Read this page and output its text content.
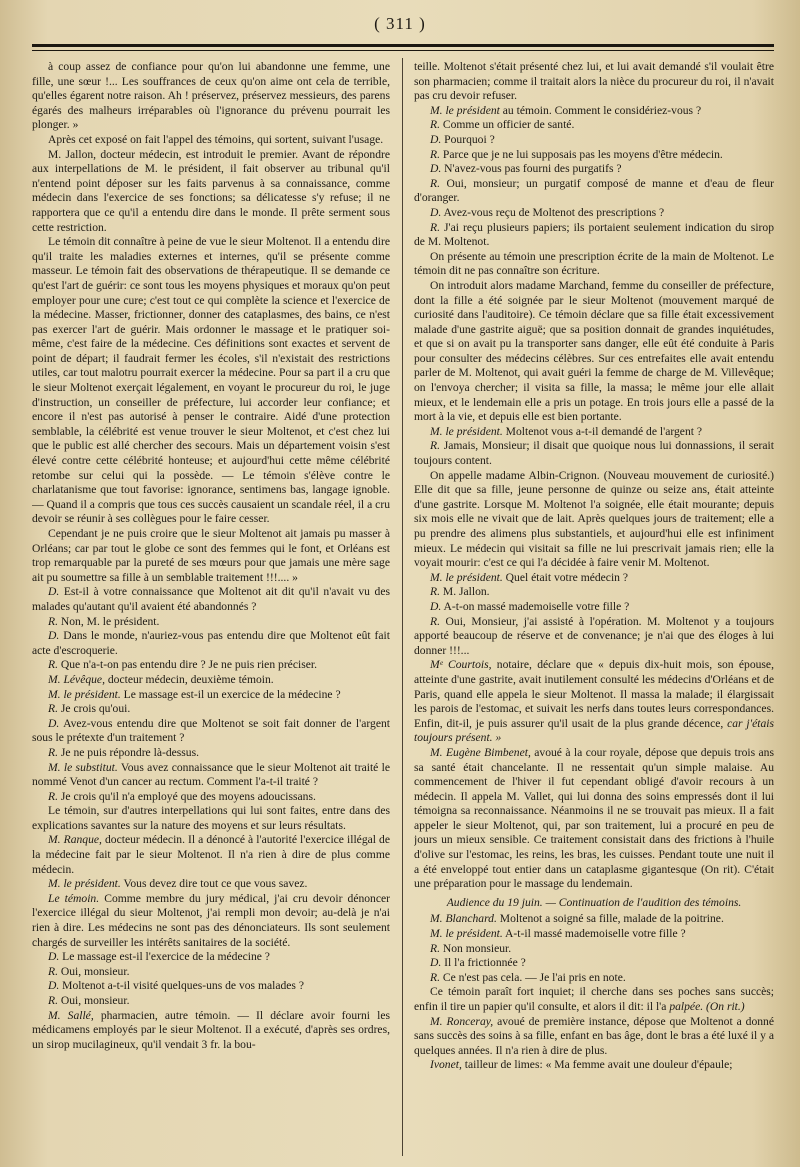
( 311 )

à coup assez de confiance pour qu'on lui abandonne une femme, une fille, une sœur !... Les souffrances de ceux qu'on aime ont cela de terrible, qu'elles égarent notre raison. Ah ! préservez, préservez messieurs, des parens égarés des malheurs irréparables où l'ignorance du prévenu pourrait les plonger. »

Après cet exposé on fait l'appel des témoins, qui sortent, suivant l'usage.

M. Jallon, docteur médecin, est introduit le premier. Avant de répondre aux interpellations de M. le président, il fait observer au tribunal qu'il n'entend point déposer sur les faits parvenus à sa connaissance, comme médecin dans l'exercice de ses fonctions; sa délicatesse s'y refuse; il ne rapportera que ce qu'il a entendu dire dans le monde. Il prête serment sous cette restriction.

Le témoin dit connaître à peine de vue le sieur Moltenot. Il a entendu dire qu'il traite les maladies externes et internes, qu'il se présente comme masseur. Le témoin fait des observations de thérapeutique. Il se demande ce qu'est l'art de guérir: ce sont tous les moyens physiques et moraux qu'on peut employer pour une cure; c'est tout ce qui complète la science et l'exercice de la médecine. Masser, frictionner, donner des cataplasmes, des bains, ce n'est pas exercer l'art de guérir. Mais ordonner le massage et le pratiquer soi-même, c'est faire de la médecine. Ces définitions sont exactes et servent de point de départ; il faudrait fermer les écoles, s'il n'existait des restrictions utiles, car tout malotru pourrait exercer la médecine. Pour sa part il a cru que le sieur Moltenot exerçait légalement, en voyant le procureur du roi, le juge d'instruction, un conseiller de préfecture, lui accorder leur confiance; et encore il n'est pas autorisé à penser le contraire. Aidé d'une protection semblable, la célébrité est venue trouver le sieur Moltenot, et c'est chez lui que le public est allé chercher des secours. Mais un département voisin s'est élevé contre cette célébrité honteuse; et aujourd'hui cette même célébrité retombe sur celui qui la possède. — Le témoin s'élève contre le charlatanisme que tout favorise: ignorance, sentimens bas, langage ignoble. — Quand il a compris que tous ces succès causaient un scandale réel, il a cru devoir se réunir à ses collègues pour le faire cesser.

Cependant je ne puis croire que le sieur Moltenot ait jamais pu masser à Orléans; car par tout le globe ce sont des femmes qui le font, et Orléans est trop remarquable par la pureté de ses mœurs pour que jamais une mère sage ait pu soumettre sa fille à un semblable traitement !!!.... »

D. Est-il à votre connaissance que Moltenot ait dit qu'il n'avait vu des malades qu'autant qu'il avaient été abandonnés ?

R. Non, M. le président.

D. Dans le monde, n'auriez-vous pas entendu dire que Moltenot eût fait acte d'escroquerie.

R. Que n'a-t-on pas entendu dire ? Je ne puis rien préciser.

M. Lévêque, docteur médecin, deuxième témoin.

M. le président. Le massage est-il un exercice de la médecine ?

R. Je crois qu'oui.

D. Avez-vous entendu dire que Moltenot se soit fait donner de l'argent sous le prétexte d'un traitement ?

R. Je ne puis répondre là-dessus.

M. le substitut. Vous avez connaissance que le sieur Moltenot ait traité le nommé Venot d'un cancer au rectum. Comment l'a-t-il traité ?

R. Je crois qu'il n'a employé que des moyens adoucissans.

Le témoin, sur d'autres interpellations qui lui sont faites, entre dans des explications savantes sur la nature des moyens et sur leurs résultats.

M. Ranque, docteur médecin. Il a dénoncé à l'autorité l'exercice illégal de la médecine fait par le sieur Moltenot. Il n'a rien à dire de plus comme médecin.

M. le président. Vous devez dire tout ce que vous savez.

Le témoin. Comme membre du jury médical, j'ai cru devoir dénoncer l'exercice illégal du sieur Moltenot, j'ai rempli mon devoir; au-delà je n'ai rien à dire. Les médecins ne sont pas des dénonciateurs. Ils sont seulement chargés de surveiller les intérêts sanitaires de la société.

D. Le massage est-il l'exercice de la médecine ?

R. Oui, monsieur.

D. Moltenot a-t-il visité quelques-uns de vos malades ?

R. Oui, monsieur.

M. Sallé, pharmacien, autre témoin. — Il déclare avoir fourni les médicamens employés par le sieur Moltenot. Il a exécuté, d'après ses ordres, un sirop mucilagineux, qu'il vendait 3 fr. la bou-

teille. Moltenot s'était présenté chez lui, et lui avait demandé s'il voulait être son pharmacien; comme il traitait alors la nièce du procureur du roi, il n'avait pas cru devoir refuser.

M. le président au témoin. Comment le considériez-vous ?

R. Comme un officier de santé.

D. Pourquoi ?

R. Parce que je ne lui supposais pas les moyens d'être médecin.

D. N'avez-vous pas fourni des purgatifs ?

R. Oui, monsieur; un purgatif composé de manne et d'eau de fleur d'oranger.

D. Avez-vous reçu de Moltenot des prescriptions ?

R. J'ai reçu plusieurs papiers; ils portaient seulement indication du sirop de M. Moltenot.

On présente au témoin une prescription écrite de la main de Moltenot. Le témoin dit ne pas connaître son écriture.

On introduit alors madame Marchand, femme du conseiller de préfecture, dont la fille a été soignée par le sieur Moltenot (mouvement marqué de curiosité dans l'auditoire). Ce témoin déclare que sa fille était excessivement malade d'une gastrite aiguë; que sa position donnait de grandes inquiétudes, et que si on avait pu la transporter sans danger, elle eût été conduite à Paris pour consulter des médecins célèbres. Sur ces entrefaites elle avait entendu parler de M. Moltenot, qui avait guéri la femme de charge de M. Villevêque; on l'envoya chercher; il visita sa fille, la massa; le même jour elle allait mieux, et le lendemain elle a pris un potage. En trois jours elle a passé de la mort à la vie, et depuis elle est bien portante.

M. le président. Moltenot vous a-t-il demandé de l'argent ?

R. Jamais, Monsieur; il disait que quoique nous lui donnassions, il serait toujours content.

On appelle madame Albin-Crignon. (Nouveau mouvement de curiosité.) Elle dit que sa fille, jeune personne de quinze ou seize ans, était atteinte d'une gastrite. Lorsque M. Moltenot l'a soignée, elle était mourante; depuis six mois elle ne vivait que de lait. Après quelques jours de traitement; elle a pu prendre des alimens plus substantiels, et aujourd'hui elle est infiniment mieux. Le médecin qui visitait sa fille ne lui prescrivait jamais rien; elle la voyait mourir: c'est ce qui l'a décidée à faire venir M. Moltenot.

M. le président. Quel était votre médecin ?

R. M. Jallon.

D. A-t-on massé mademoiselle votre fille ?

R. Oui, Monsieur, j'ai assisté à l'opération. M. Moltenot y a toujours apporté beaucoup de réserve et de convenance; je n'ai que des éloges à lui donner !!!...

Mᵉ Courtois, notaire, déclare que « depuis dix-huit mois, son épouse, atteinte d'une gastrite, avait inutilement consulté les médecins d'Orléans et de Paris, quand elle appela le sieur Moltenot. Il massa la malade; il élargissait les parois de l'estomac, et suivait les nerfs dans toutes leurs correspondances. Enfin, dit-il, je puis assurer qu'il usait de la plus grande décence, car j'étais toujours présent. »

M. Eugène Bimbenet, avoué à la cour royale, dépose que depuis trois ans sa santé était chancelante. Il ne ressentait qu'un simple malaise. Au commencement de l'hiver il fut cependant obligé d'avoir recours à un médecin. Il appela M. Vallet, qui lui donna des soins empressés dont il lui témoigna sa reconnaissance. Néanmoins il ne se trouvait pas mieux. Il a fait appeler le sieur Moltenot, qui, par son traitement, lui a procuré en peu de jours un mieux sensible. Ce traitement consistait dans des frictions à l'huile d'olive sur l'estomac, les reins, les bras, les cuisses. Pendant toute une nuit il a été enveloppé tout entier dans un cataplasme gigantesque (On rit). C'était une préparation pour le massage du lendemain.

Audience du 19 juin. — Continuation de l'audition des témoins.

M. Blanchard. Moltenot a soigné sa fille, malade de la poitrine.

M. le président. A-t-il massé mademoiselle votre fille ?

R. Non monsieur.

D. Il l'a frictionnée ?

R. Ce n'est pas cela. — Je l'ai pris en note.

Ce témoin paraît fort inquiet; il cherche dans ses poches sans succès; enfin il tire un papier qu'il consulte, et alors il dit: il l'a palpée. (On rit.)

M. Ronceray, avoué de première instance, dépose que Moltenot a donné sans succès des soins à sa fille, enfant en bas âge, dont le bras a été luxé il y a quelques années. Il n'a rien à dire de plus.

Ivonet, tailleur de limes: « Ma femme avait une douleur d'épaule;
